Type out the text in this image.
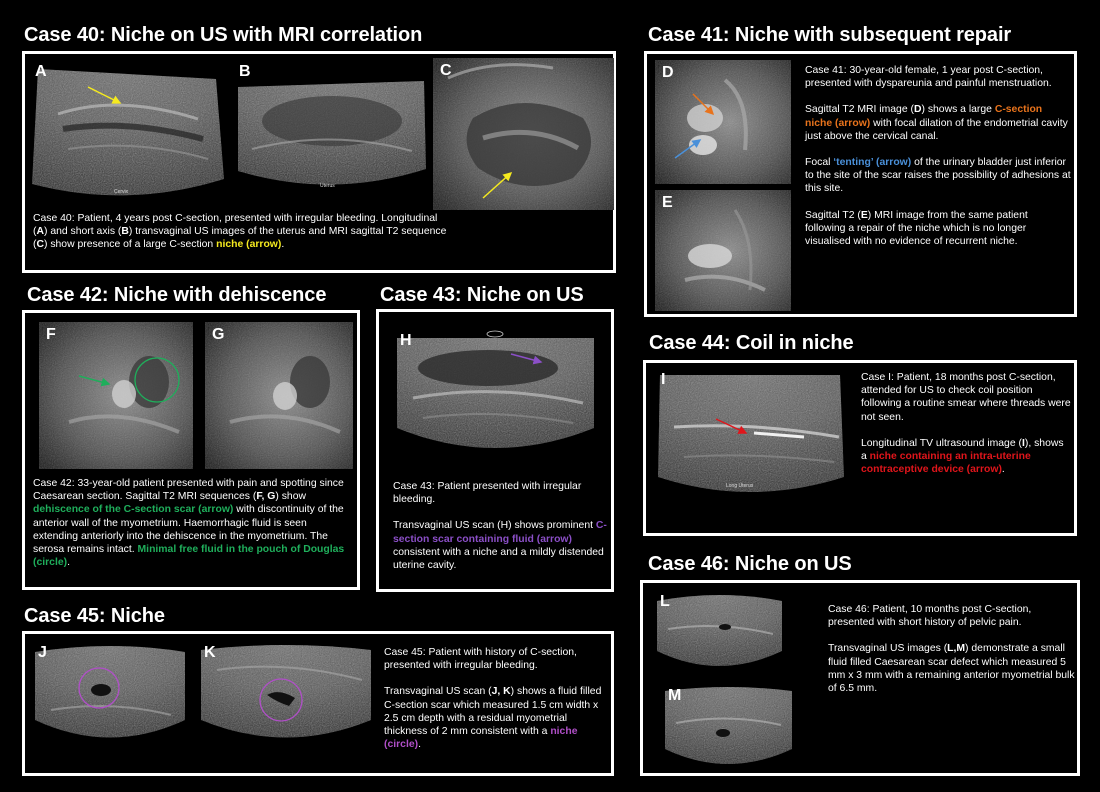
Case 40: Niche on US with MRI correlation
A
Cervix
B
Uterus
C
Case 40: Patient, 4 years post C-section, presented with irregular bleeding. Longitudinal (A) and short axis (B) transvaginal US images of the uterus and MRI sagittal T2 sequence (C) show presence of a large C-section niche (arrow).
Case 41: Niche with subsequent repair
D
E

Case 41: 30-year-old female, 1 year post C-section, presented with dyspareunia and painful menstruation.

Sagittal T2 MRI image (D) shows a large C-section niche (arrow) with focal dilation of the endometrial cavity just above the cervical canal.

Focal ‘tenting’ (arrow) of the urinary bladder just inferior to the site of the scar raises the possibility of adhesions at this site.

Sagittal T2 (E) MRI image from the same patient following a repair of the niche which is no longer visualised with no evidence of recurrent niche.

Case 42: Niche with dehiscence
F	G
Case 42: 33-year-old patient presented with pain and spotting since Caesarean section. Sagittal T2 MRI sequences (F, G) show dehiscence of the C-section scar (arrow) with discontinuity of the anterior wall of the myometrium. Haemorrhagic fluid is seen extending anteriorly into the dehiscence in the myometrium. The serosa remains intact. Minimal free fluid in the pouch of Douglas (circle).
Case 43: Niche on US
H

Case 43: Patient presented with irregular bleeding.

Transvaginal US scan (H) shows prominent C-section scar containing fluid (arrow) consistent with a niche and a mildly distended uterine cavity.

Case 44: Coil in niche
I
Long Uterus

Case I: Patient, 18 months post C-section, attended for US to check coil position following a routine smear where threads were not seen.

Longitudinal TV ultrasound image (I), shows a niche containing an intra-uterine contraceptive device (arrow).

Case 45: Niche
J	K	Case 45: Patient with history of C-section, presented with irregular bleeding.

Transvaginal US scan (J, K) shows a fluid filled C-section scar which measured 1.5 cm width x 2.5 cm depth with a residual myometrial thickness of 2 mm consistent with a niche (circle).

Case 46: Niche on US
L
M

Case 46: Patient, 10 months post C-section, presented with short history of pelvic pain.

Transvaginal US images (L,M) demonstrate a small fluid filled Caesarean scar defect which measured 5 mm x 3 mm with a remaining anterior myometrial bulk of 6.5 mm.
